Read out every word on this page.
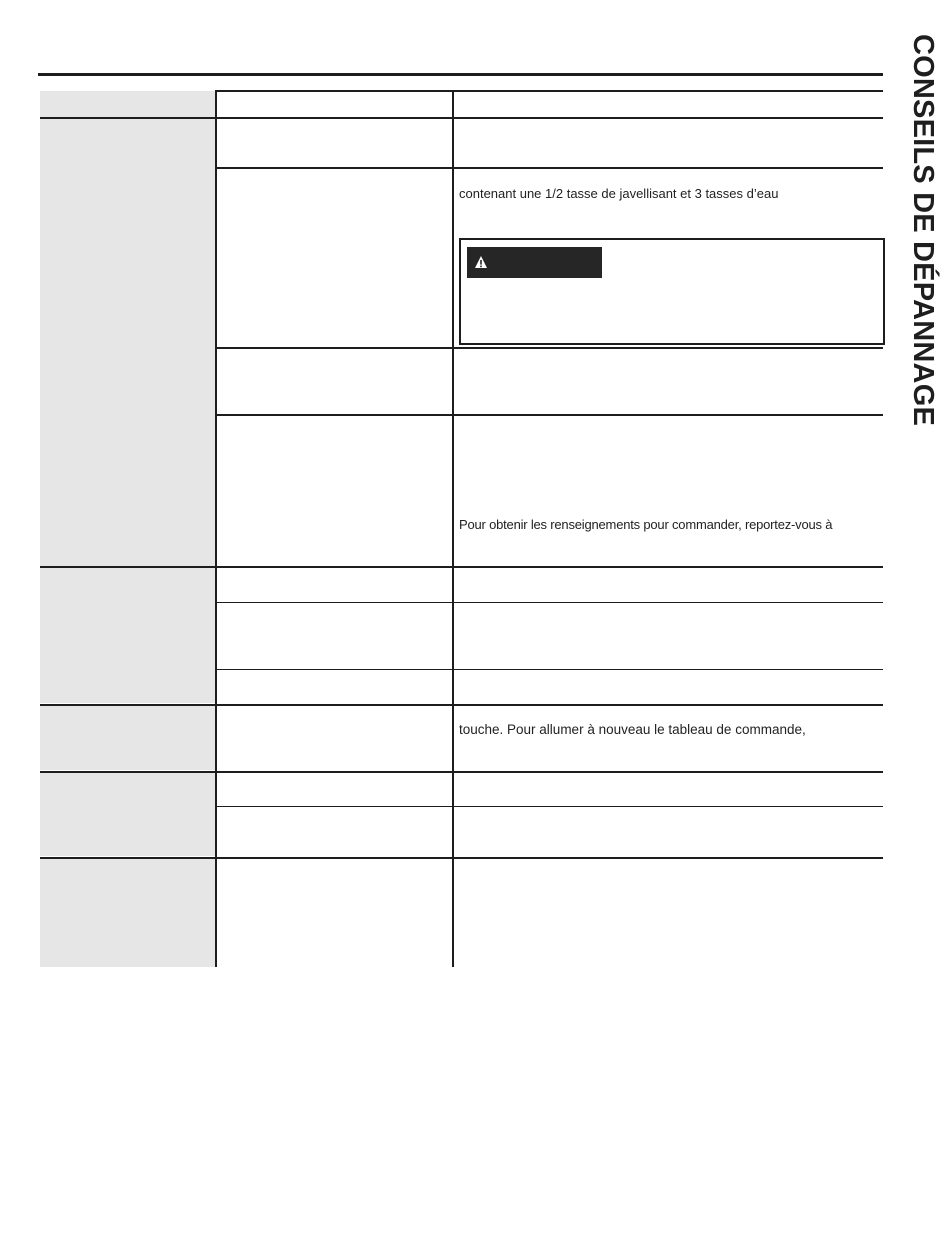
CONSEILS DE DÉPANNAGE
contenant une 1/2 tasse de javellisant et 3 tasses d’eau
Pour obtenir les renseignements pour commander, reportez-vous à
touche. Pour allumer à nouveau le tableau de commande,
